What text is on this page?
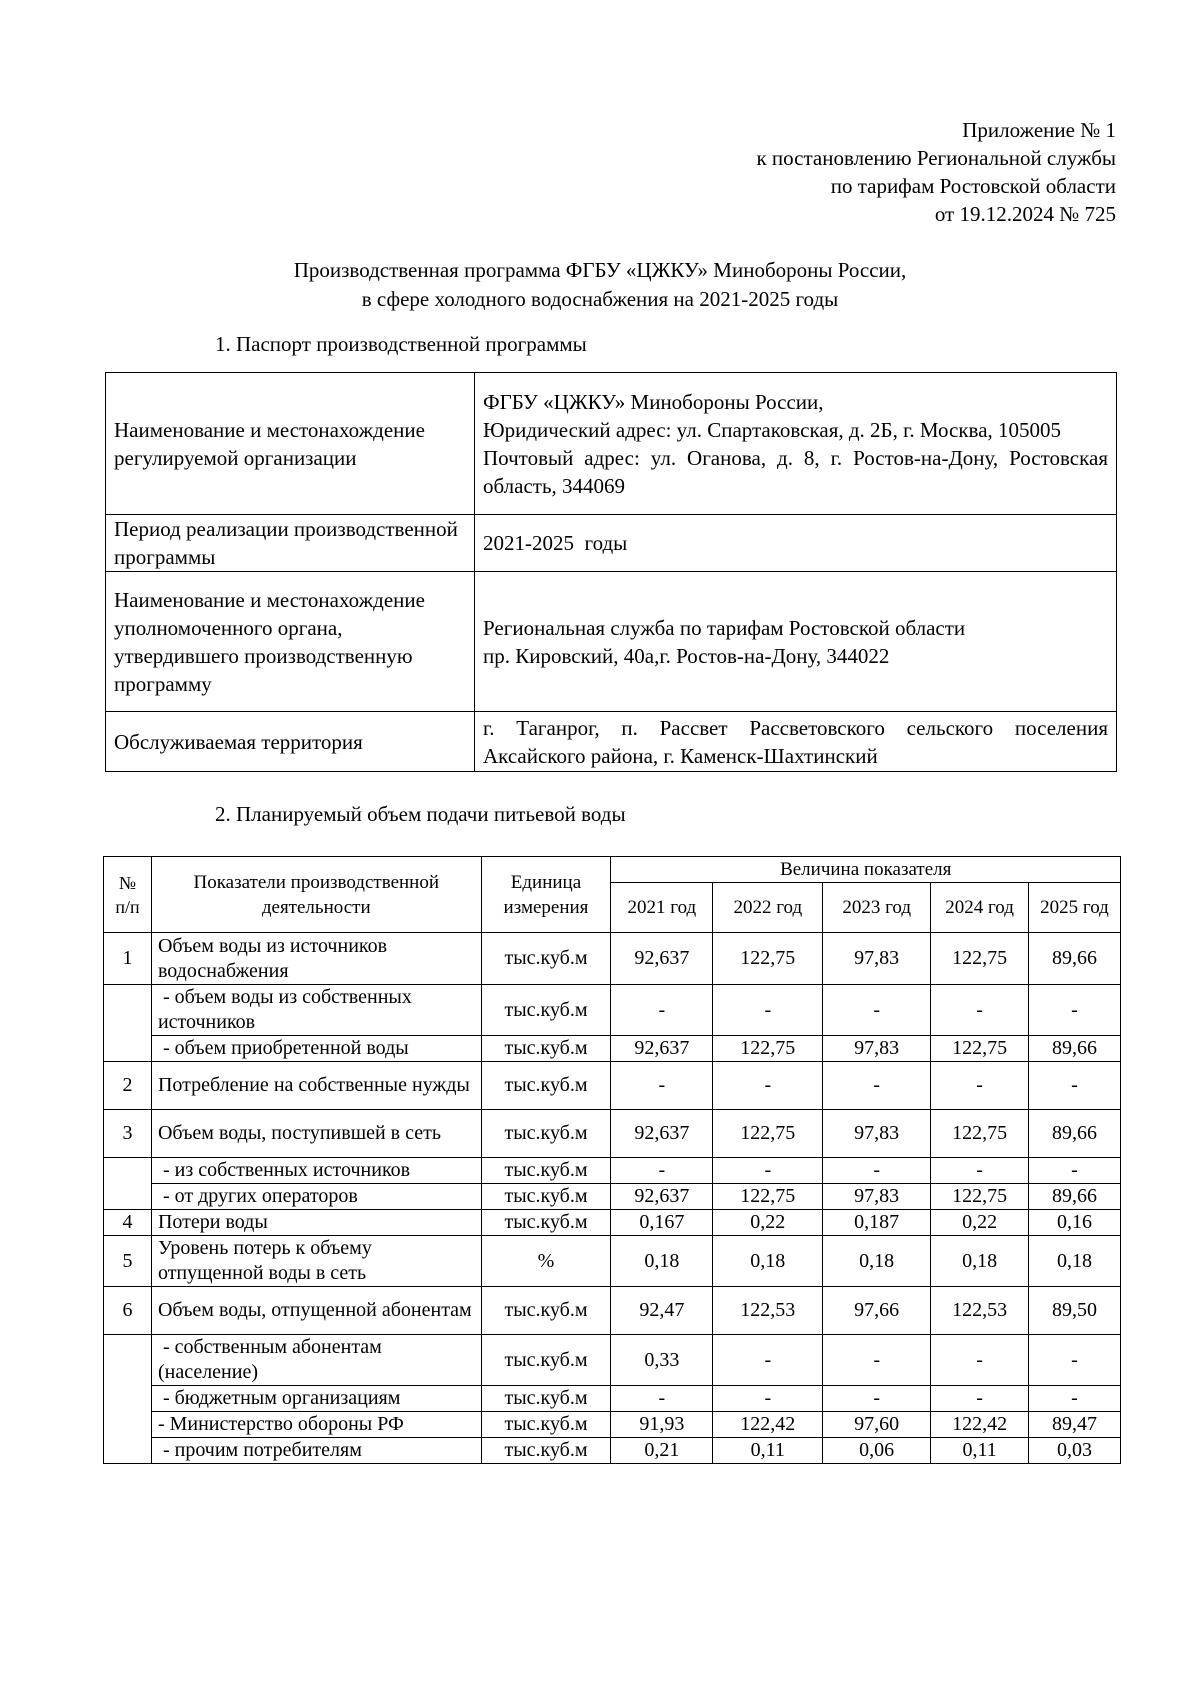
Приложение № 1
к постановлению Региональной службы
по тарифам Ростовской области
от 19.12.2024 № 725
Производственная программа ФГБУ «ЦЖКУ» Минобороны России,
в сфере холодного водоснабжения на 2021-2025 годы
1. Паспорт производственной программы
Наименование и местонахождение регулируемой организации	ФГБУ «ЦЖКУ» Минобороны России,
Юридический адрес: ул. Спартаковская, д. 2Б, г. Москва, 105005
Почтовый адрес: ул. Оганова, д. 8, г. Ростов-на-Дону, Ростовская область, 344069

Период реализации производственной программы	2021-2025  годы

Наименование и местонахождение уполномоченного органа, утвердившего производственную программу	Региональная служба по тарифам Ростовской области
пр. Кировский, 40а,г. Ростов-на-Дону, 344022

Обслуживаемая территория	г. Таганрог, п. Рассвет Рассветовского сельского поселения Аксайского района, г. Каменск-Шахтинский
2. Планируемый объем подачи питьевой воды
№ п/п	Показатели производственной деятельности	Единица измерения	Величина показателя				
			2021 год	2022 год	2023 год	2024 год	2025 год
1	Объем воды из источников водоснабжения	тыс.куб.м	92,637	122,75	97,83	122,75	89,66
	- объем воды из собственных источников	тыс.куб.м	-	-	-	-	-
	- объем приобретенной воды	тыс.куб.м	92,637	122,75	97,83	122,75	89,66
2	Потребление на собственные нужды	тыс.куб.м	-	-	-	-	-
3	Объем воды, поступившей в сеть	тыс.куб.м	92,637	122,75	97,83	122,75	89,66
	- из собственных источников	тыс.куб.м	-	-	-	-	-
	- от других операторов	тыс.куб.м	92,637	122,75	97,83	122,75	89,66
4	Потери воды	тыс.куб.м	0,167	0,22	0,187	0,22	0,16
5	Уровень потерь к объему отпущенной воды в сеть	%	0,18	0,18	0,18	0,18	0,18
6	Объем воды, отпущенной абонентам	тыс.куб.м	92,47	122,53	97,66	122,53	89,50
	- собственным абонентам (население)	тыс.куб.м	0,33	-	-	-	-
	- бюджетным организациям	тыс.куб.м	-	-	-	-	-
	- Министерство обороны РФ	тыс.куб.м	91,93	122,42	97,60	122,42	89,47
	- прочим потребителям	тыс.куб.м	0,21	0,11	0,06	0,11	0,03
